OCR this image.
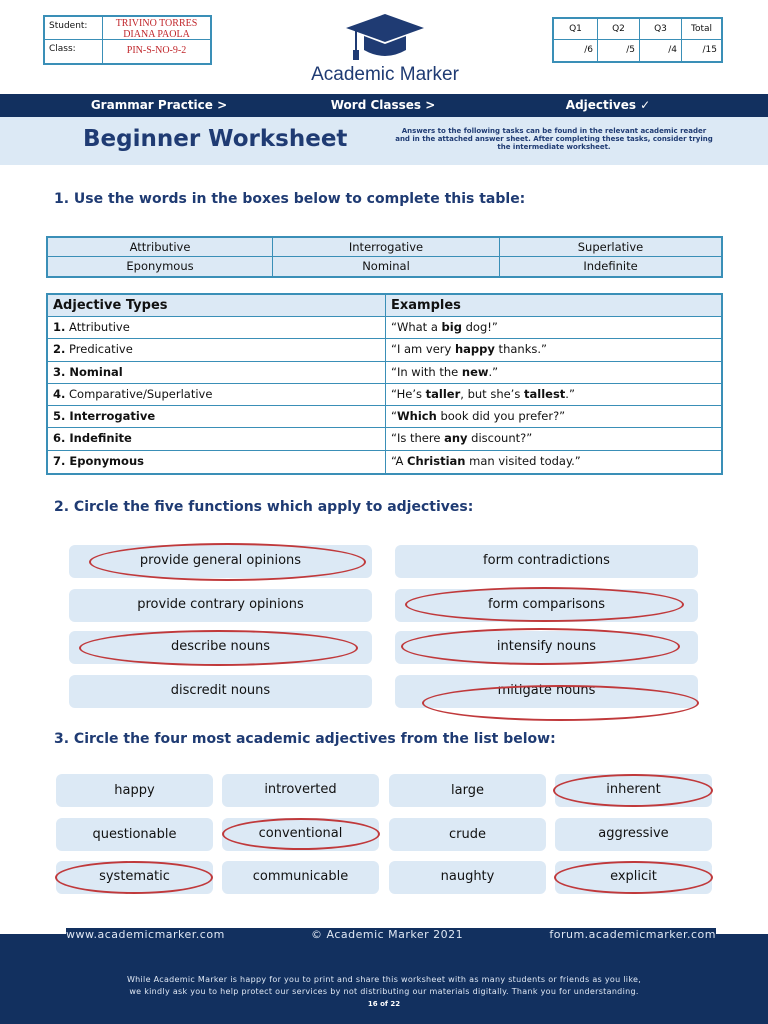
Student:	TRIVINO TORRES DIANA PAOLA
Class:	PIN-S-NO-9-2
Academic Marker
Q1	Q2	Q3	Total
/6	/5	/4	/15
Grammar Practice >	Word Classes >	Adjectives ✓
Beginner Worksheet	Answers to the following tasks can be found in the relevant academic reader and in the attached answer sheet. After completing these tasks, consider trying the intermediate worksheet.
1. Use the words in the boxes below to complete this table:
Attributive	Interrogative	Superlative
Eponymous	Nominal	Indefinite
Adjective Types	Examples
1. Attributive	“What a big dog!”
2. Predicative	“I am very happy thanks.”
3. Nominal	“In with the new.”
4. Comparative/Superlative	“He’s taller, but she’s tallest.”
5. Interrogative	“Which book did you prefer?”
6. Indefinite	“Is there any discount?”
7. Eponymous	“A Christian man visited today.”
2. Circle the five functions which apply to adjectives:
provide general opinions	form contradictions
provide contrary opinions	form comparisons
describe nouns	intensify nouns
discredit nouns	mitigate nouns
3. Circle the four most academic adjectives from the list below:
happy	introverted	large	inherent
questionable	conventional	crude	aggressive
systematic	communicable	naughty	explicit
www.academicmarker.com	© Academic Marker 2021	forum.academicmarker.com
While Academic Marker is happy for you to print and share this worksheet with as many students or friends as you like,
we kindly ask you to help protect our services by not distributing our materials digitally. Thank you for understanding.
16 of 22
